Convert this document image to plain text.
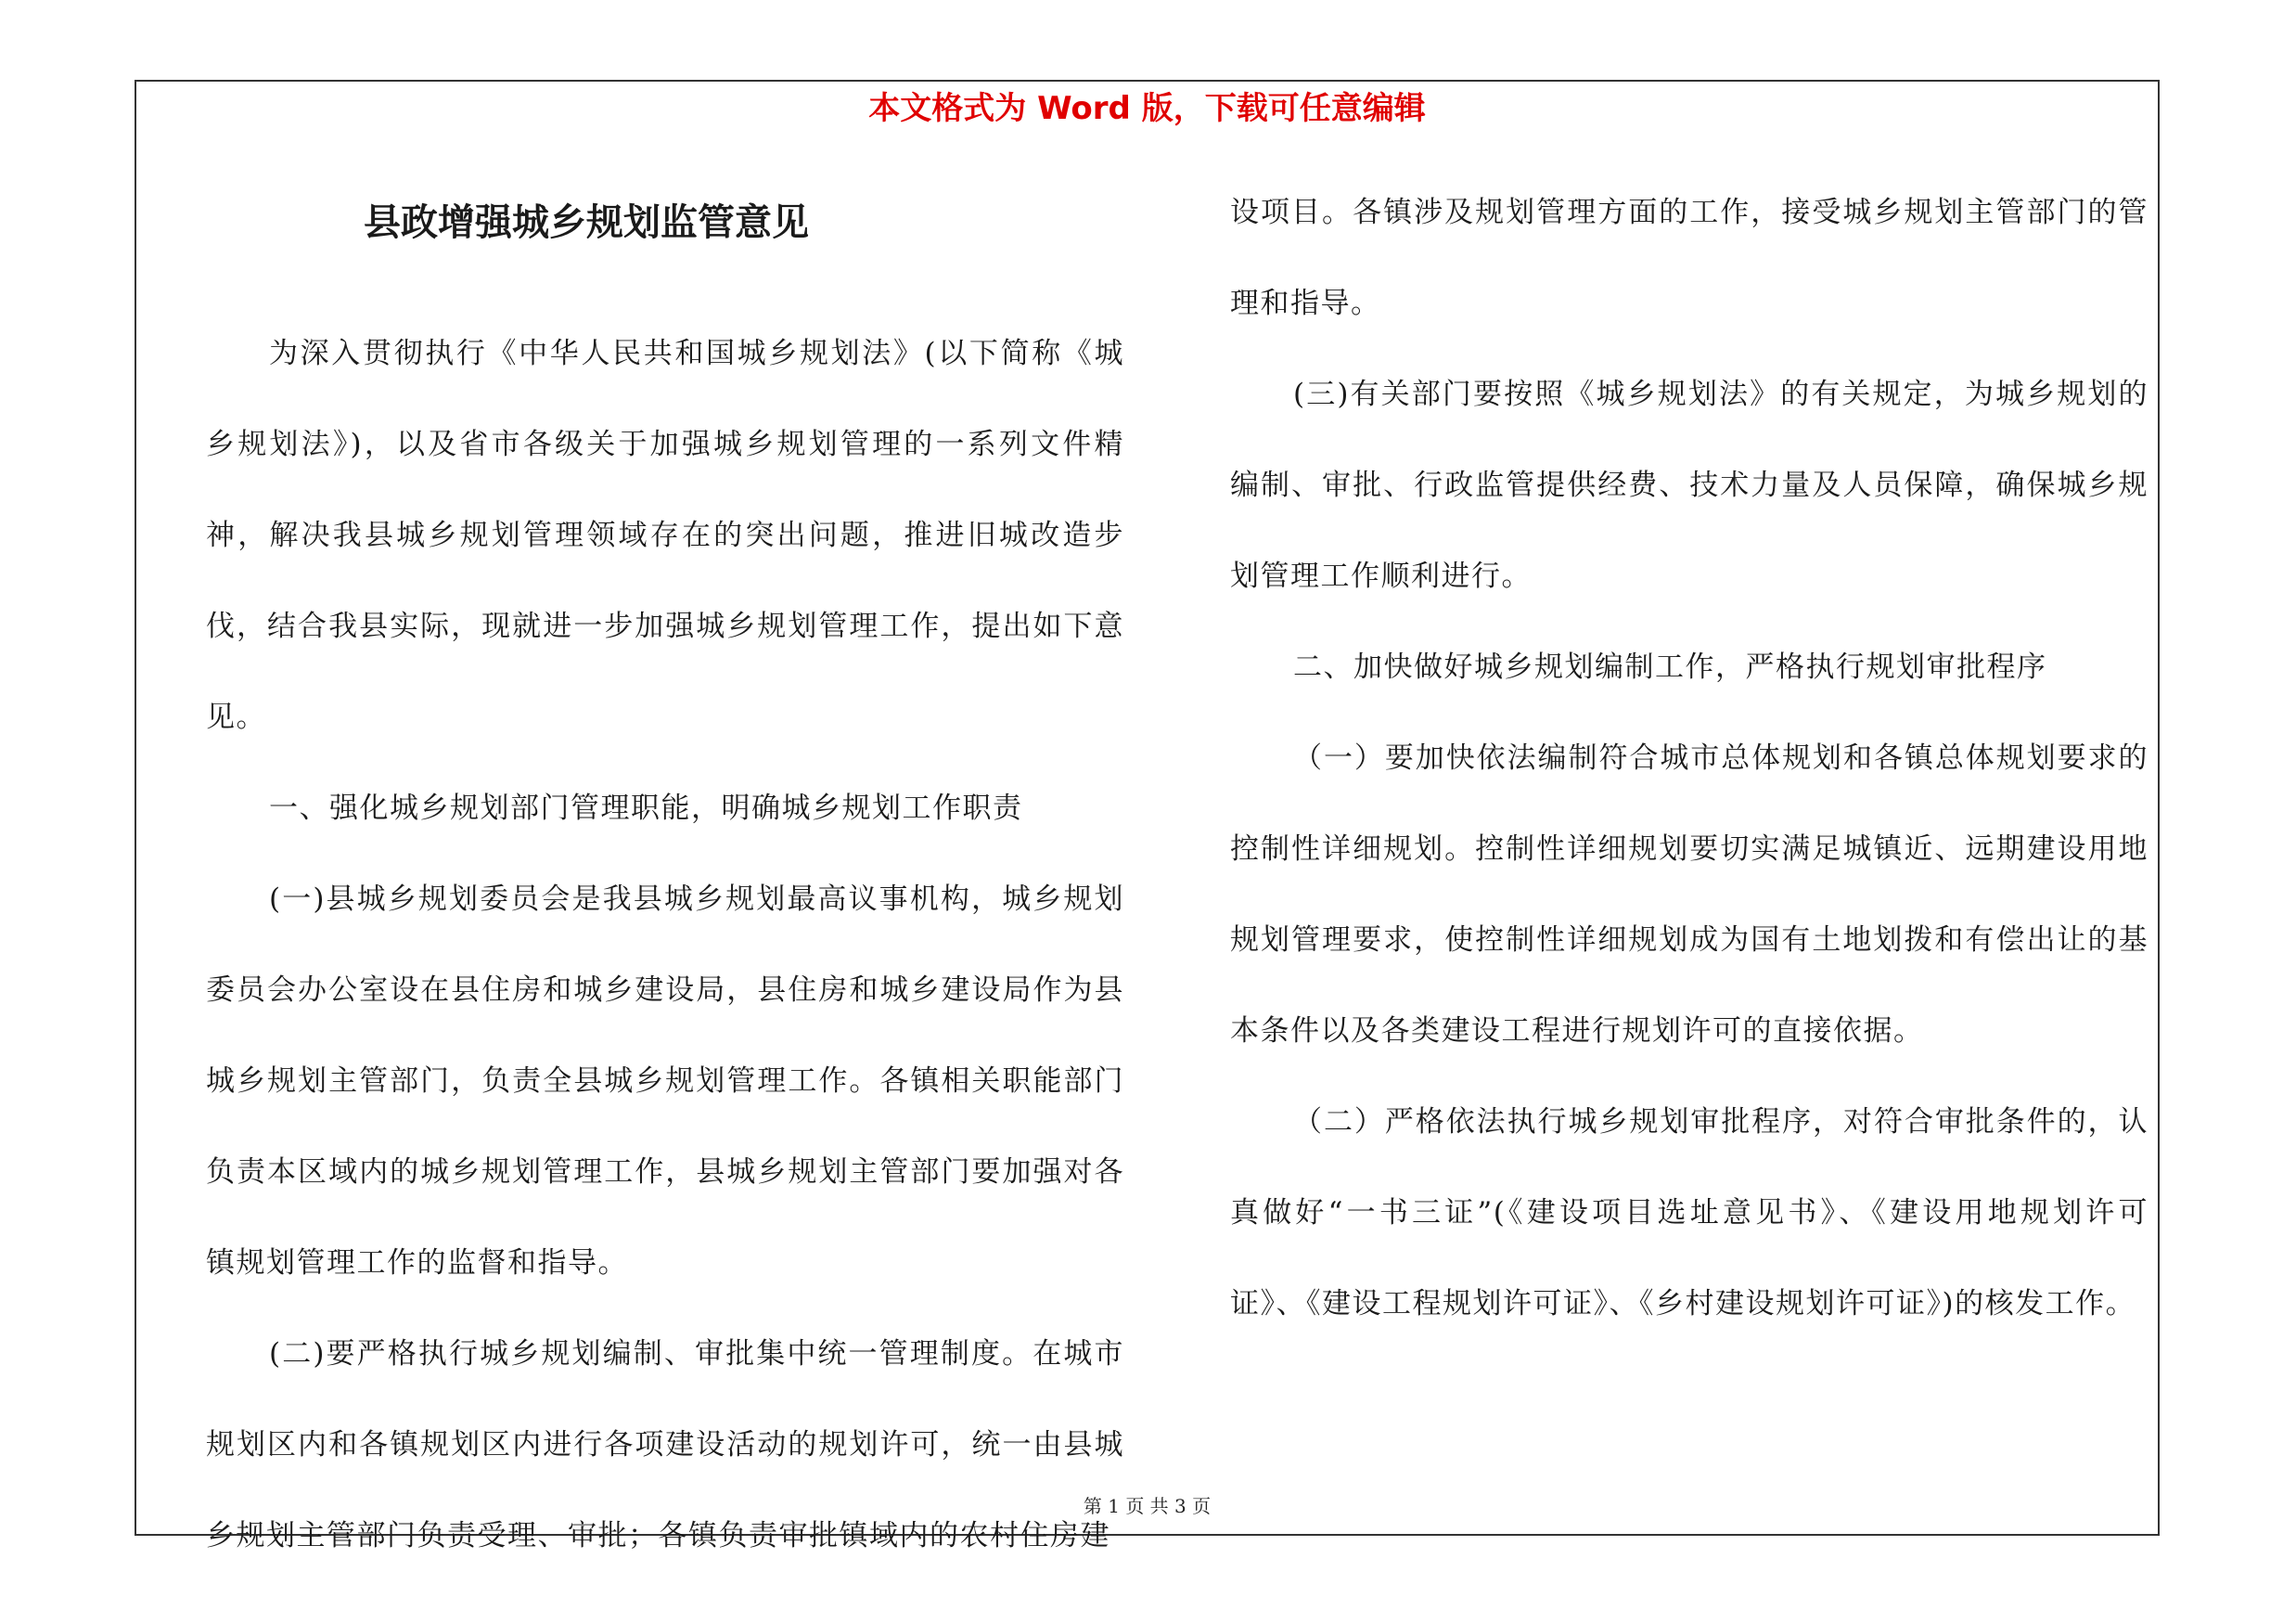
本文格式为 Word 版，下载可任意编辑
县政增强城乡规划监管意见

为深入贯彻执行《中华人民共和国城乡规划法》(以下简称《城乡规划法》)，以及省市各级关于加强城乡规划管理的一系列文件精神，解决我县城乡规划管理领域存在的突出问题，推进旧城改造步伐，结合我县实际，现就进一步加强城乡规划管理工作，提出如下意见。

一、强化城乡规划部门管理职能，明确城乡规划工作职责

(一)县城乡规划委员会是我县城乡规划最高议事机构，城乡规划委员会办公室设在县住房和城乡建设局，县住房和城乡建设局作为县城乡规划主管部门，负责全县城乡规划管理工作。各镇相关职能部门负责本区域内的城乡规划管理工作，县城乡规划主管部门要加强对各镇规划管理工作的监督和指导。

(二)要严格执行城乡规划编制、审批集中统一管理制度。在城市规划区内和各镇规划区内进行各项建设活动的规划许可，统一由县城乡规划主管部门负责受理、审批；各镇负责审批镇域内的农村住房建

设项目。各镇涉及规划管理方面的工作，接受城乡规划主管部门的管理和指导。

(三)有关部门要按照《城乡规划法》的有关规定，为城乡规划的编制、审批、行政监管提供经费、技术力量及人员保障，确保城乡规划管理工作顺利进行。

二、加快做好城乡规划编制工作，严格执行规划审批程序

（一）要加快依法编制符合城市总体规划和各镇总体规划要求的控制性详细规划。控制性详细规划要切实满足城镇近、远期建设用地规划管理要求，使控制性详细规划成为国有土地划拨和有偿出让的基本条件以及各类建设工程进行规划许可的直接依据。

（二）严格依法执行城乡规划审批程序，对符合审批条件的，认真做好“一书三证”(《建设项目选址意见书》、《建设用地规划许可证》、《建设工程规划许可证》、《乡村建设规划许可证》)的核发工作。

第 1 页 共 3 页
